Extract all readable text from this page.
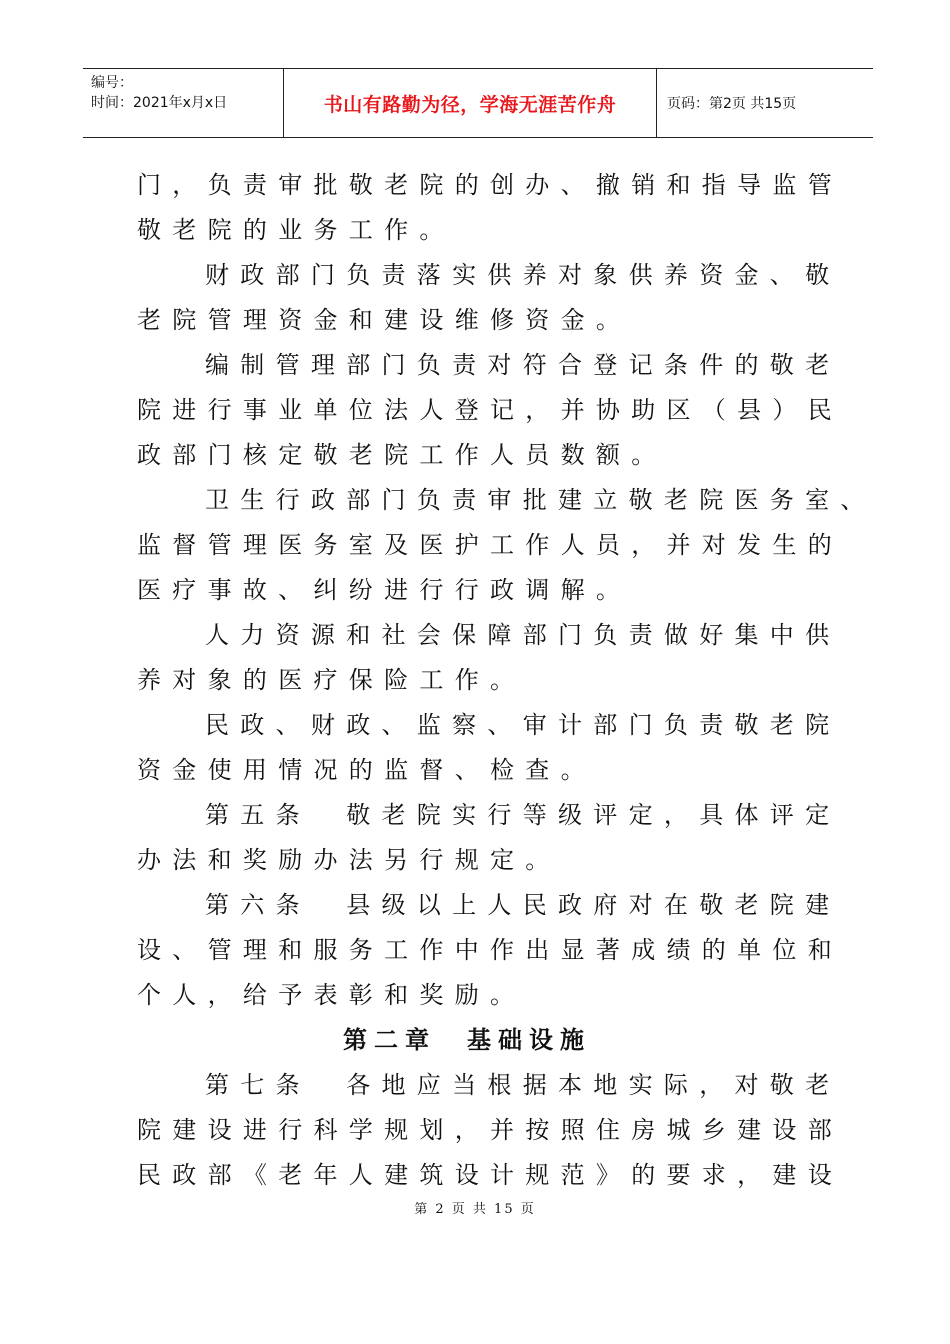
编号：
时间：2021年x月x日	书山有路勤为径，学海无涯苦作舟	页码：第2页 共15页
门，负责审批敬老院的创办、撤销和指导监管
敬老院的业务工作。
财政部门负责落实供养对象供养资金、敬
老院管理资金和建设维修资金。
编制管理部门负责对符合登记条件的敬老
院进行事业单位法人登记，并协助区（县）民
政部门核定敬老院工作人员数额。
卫生行政部门负责审批建立敬老院医务室、
监督管理医务室及医护工作人员，并对发生的
医疗事故、纠纷进行行政调解。
人力资源和社会保障部门负责做好集中供
养对象的医疗保险工作。
民政、财政、监察、审计部门负责敬老院
资金使用情况的监督、检查。
第五条　敬老院实行等级评定，具体评定
办法和奖励办法另行规定。
第六条　县级以上人民政府对在敬老院建
设、管理和服务工作中作出显著成绩的单位和
个人，给予表彰和奖励。
第二章　基础设施
第七条　各地应当根据本地实际，对敬老
院建设进行科学规划，并按照住房城乡建设部
民政部《老年人建筑设计规范》的要求，建设
第 2 页 共 15 页
